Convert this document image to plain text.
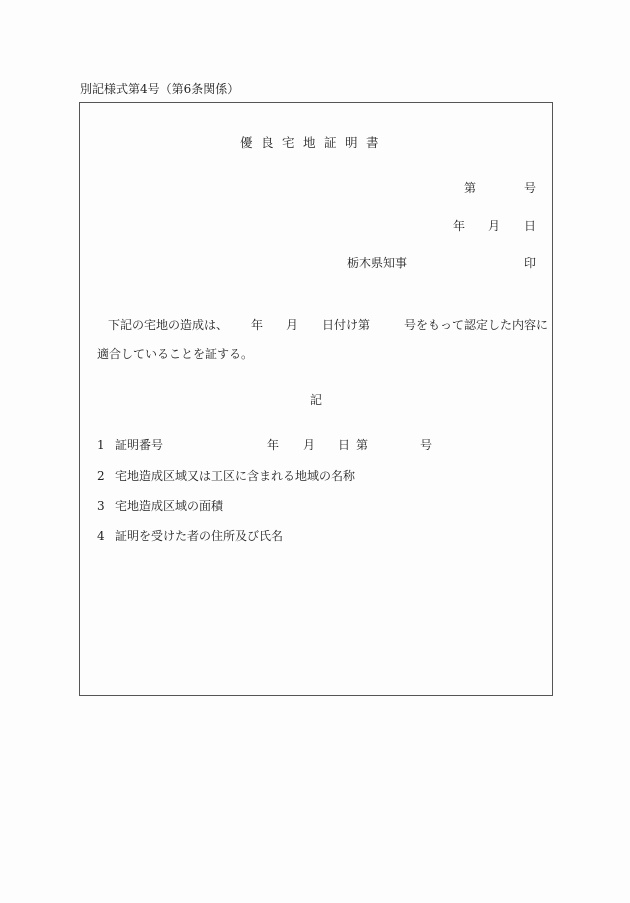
別記様式第4号（第6条関係）
優良宅地証明書
第	号
年 月 日
栃木県知事	印
下記の宅地の造成は、 年 月 日付け第	号をもって認定した内容に
適合していることを証する。
記
1 証明番号	年 月 日 第	号
2 宅地造成区域又は工区に含まれる地域の名称
3 宅地造成区域の面積
4 証明を受けた者の住所及び氏名
